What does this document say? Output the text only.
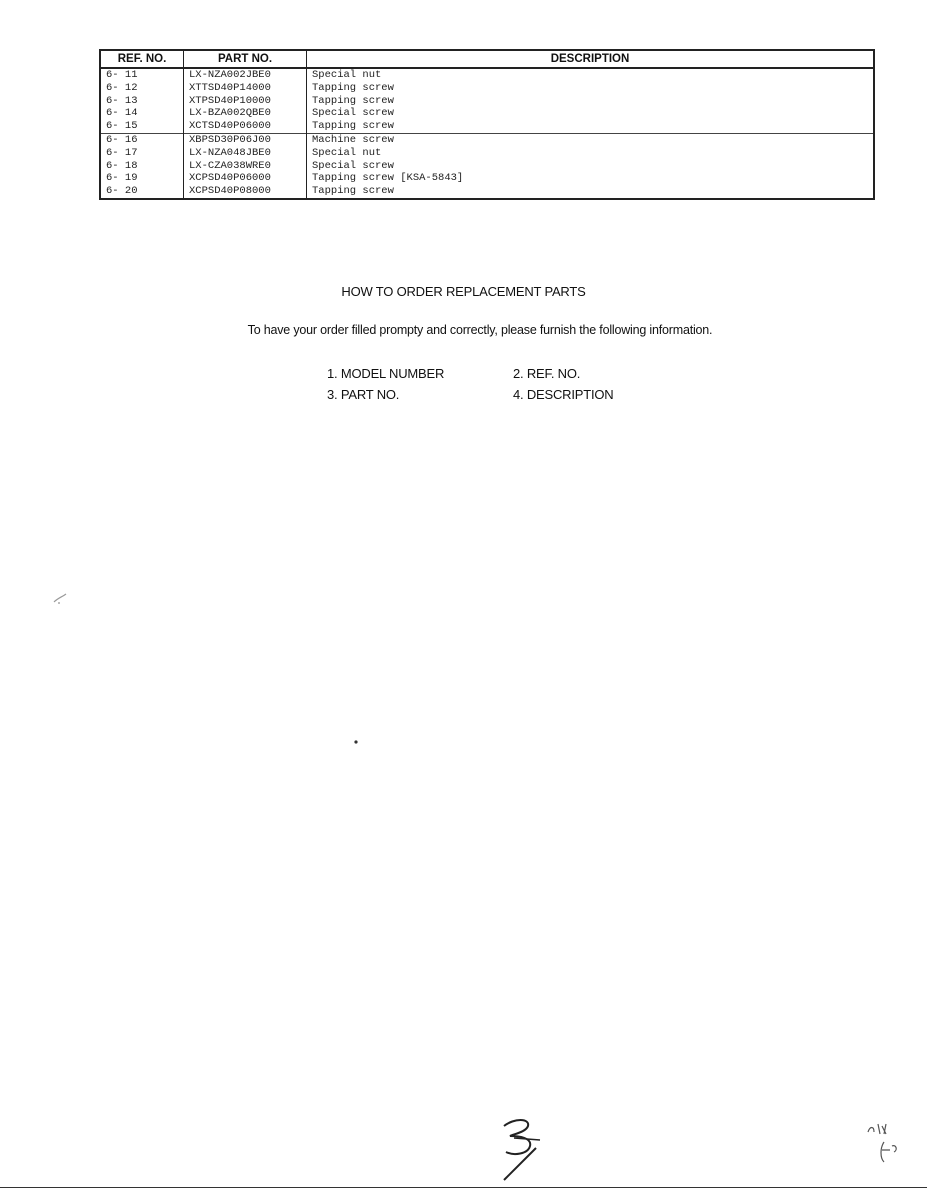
REF. NO.	PART NO.	DESCRIPTION
6- 11	LX-NZA002JBE0	Special nut
6- 12	XTTSD40P14000	Tapping screw
6- 13	XTPSD40P10000	Tapping screw
6- 14	LX-BZA002QBE0	Special screw
6- 15	XCTSD40P06000	Tapping screw
6- 16	XBPSD30P06J00	Machine screw
6- 17	LX-NZA048JBE0	Special nut
6- 18	LX-CZA038WRE0	Special screw
6- 19	XCPSD40P06000	Tapping screw [KSA-5843]
6- 20	XCPSD40P08000	Tapping screw
HOW TO ORDER REPLACEMENT PARTS
To have your order filled prompty and correctly, please furnish the following information.
1. MODEL NUMBER	2. REF. NO.
3. PART NO.	4. DESCRIPTION
